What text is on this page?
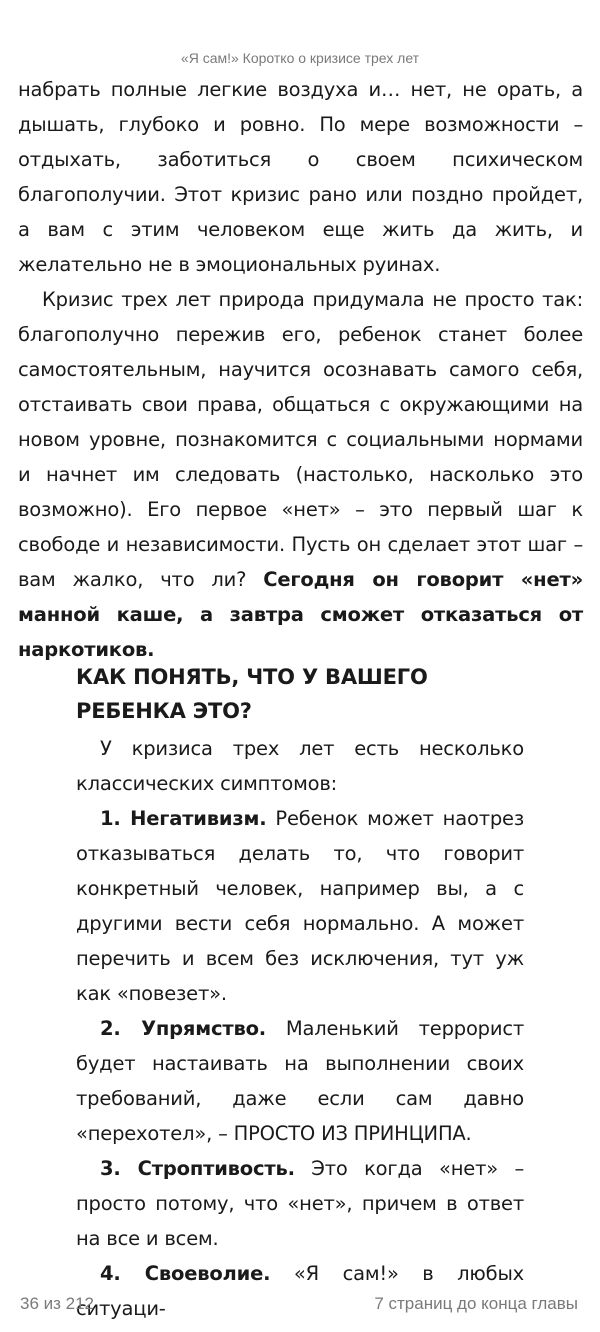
«Я сам!» Коротко о кризисе трех лет

набрать полные легкие воздуха и… нет, не орать, а дышать, глубоко и ровно. По мере возможности – отдыхать, заботиться о своем психическом благополучии. Этот кризис рано или поздно пройдет, а вам с этим человеком еще жить да жить, и желательно не в эмоциональных руинах.

Кризис трех лет природа придумала не просто так: благополучно пережив его, ребенок станет более самостоятельным, научится осознавать самого себя, отстаивать свои права, общаться с окружающими на новом уровне, познакомится с социальными нормами и начнет им следовать (настолько, насколько это возможно). Его первое «нет» – это первый шаг к свободе и независимости. Пусть он сделает этот шаг – вам жалко, что ли? Сегодня он говорит «нет» манной каше, а завтра сможет отказаться от наркотиков.

КАК ПОНЯТЬ, ЧТО У ВАШЕГО РЕБЕНКА ЭТО?

У кризиса трех лет есть несколько классических симптомов:

1. Негативизм. Ребенок может наотрез отказываться делать то, что говорит конкретный человек, например вы, а с другими вести себя нормально. А может перечить и всем без исключения, тут уж как «повезет».

2. Упрямство. Маленький террорист будет настаивать на выполнении своих требований, даже если сам давно «перехотел», – ПРОСТО ИЗ ПРИНЦИПА.

3. Строптивость. Это когда «нет» – просто потому, что «нет», причем в ответ на все и всем.

4. Своеволие. «Я сам!» в любых ситуаци-

36 из 212	7 страниц до конца главы
